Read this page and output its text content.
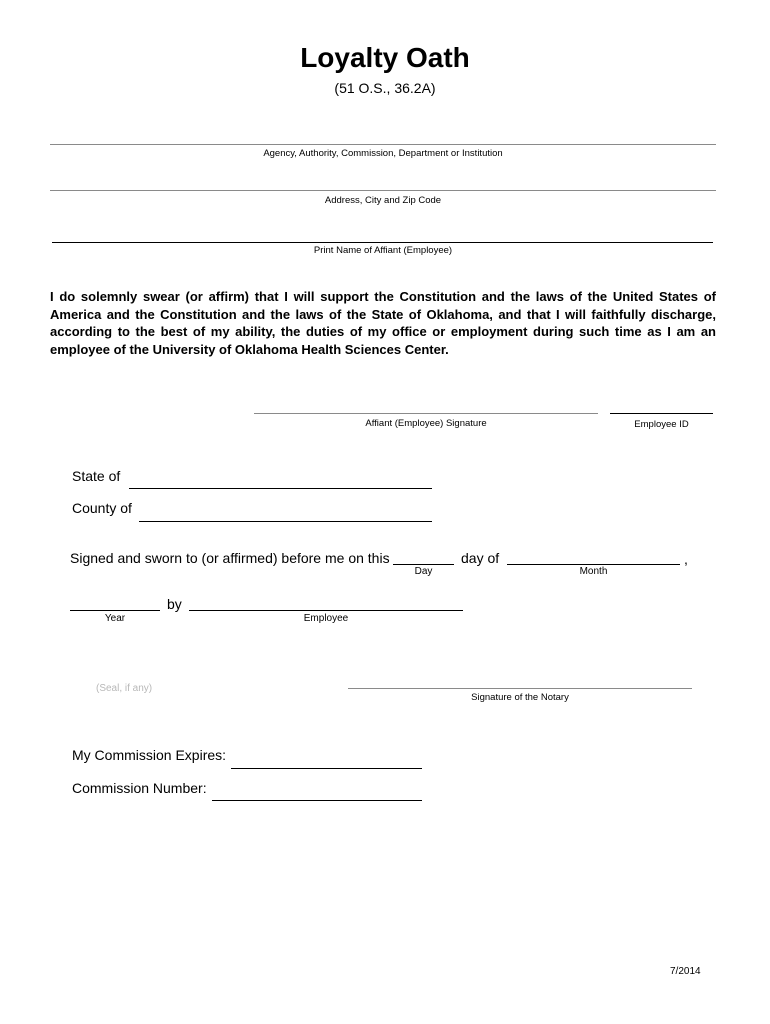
Loyalty Oath
(51 O.S., 36.2A)
Agency, Authority, Commission, Department or Institution
Address, City and Zip Code
Print Name of Affiant (Employee)
I do solemnly swear (or affirm) that I will support the Constitution and the laws of the United States of America and the Constitution and the laws of the State of Oklahoma, and that I will faithfully discharge, according to the best of my ability, the duties of my office or employment during such time as I am an employee of the University of Oklahoma Health Sciences Center.
Affiant (Employee) Signature	Employee ID
State of
County of
Signed and sworn to (or affirmed) before me on this	day of	,
Day	Month
by
Year	Employee
(Seal, if any)
Signature of the Notary
My Commission Expires:
Commission Number:
7/2014
